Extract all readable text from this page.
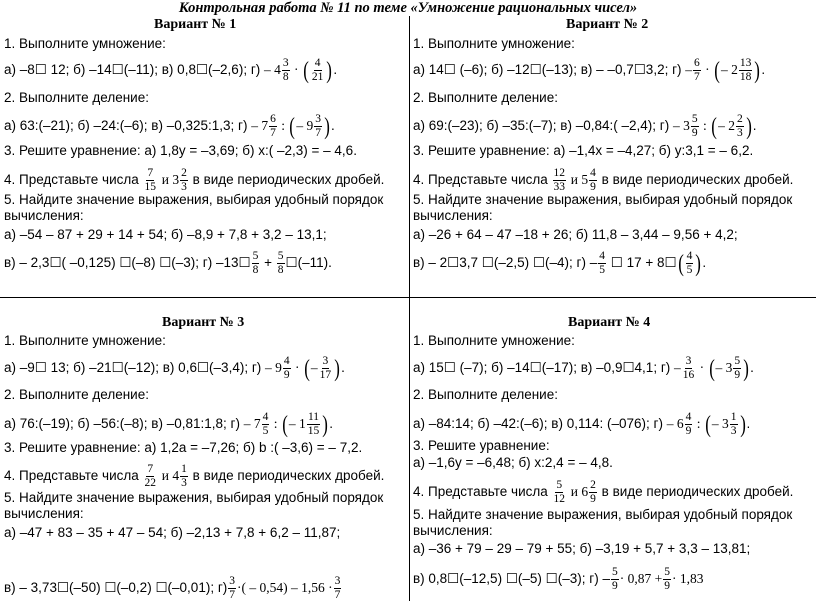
Контрольная работа № 11 по теме «Умножение рациональных чисел»
Вариант № 1
1. Выполните умножение:
а) –8☐ 12; б) –14☐(–11); в) 0,8☐(–2,6); $г) - 4 \frac{3}{8}$ · ( $\frac{4}{21}$ ).
2. Выполните деление:
а) 63:(–21); б) –24:(–6); в) –0,325:1,3; $г) - 7 \frac{6}{7}$ : (– $9 \frac{3}{7}$ ).
3. Решите уравнение: а) 1,8у = –3,69; б) х:( –2,3) = – 4,6.
4. Представьте числа $\frac{7}{15}$ и $3 \frac{2}{3}$ в виде периодических дробей.
5. Найдите значение выражения, выбирая удобный порядок
вычисления:
а) –54 – 87 + 29 + 14 + 54; б) –8,9 + 7,8 + 3,2 – 13,1;
в) – 2,3☐( –0,125) ☐(–8) ☐(–3); г) –13☐ $\frac{5}{8} + \frac{5}{8}$ ☐(–11).
Вариант № 2
1. Выполните умножение:
а) 14☐ (–6); б) –12☐(–13); в) – –0,7☐3,2; $г) - \frac{6}{7}$ · (– $2 \frac{13}{18}$ ).
2. Выполните деление:
а) 69:(–23); б) –35:(–7); в) –0,84:( –2,4); $г) - 3 \frac{5}{9}$ : (– $2 \frac{2}{3}$ ).
3. Решите уравнение: а) –1,4х = –4,27; б) у:3,1 = – 6,2.
4. Представьте числа $\frac{12}{33}$ и $5 \frac{4}{9}$ в виде периодических дробей.
5. Найдите значение выражения, выбирая удобный порядок
вычисления:
а) –26 + 64 – 47 –18 + 26; б) 11,8 – 3,44 – 9,56 + 4,2;
в) – 2☐3,7 ☐(–2,5) ☐(–4); $г) - \frac{4}{5}$ ☐ 17 + 8☐( $\frac{4}{5}$ ).
Вариант № 3
1. Выполните умножение:
а) –9☐ 13; б) –21☐(–12); в) 0,6☐(–3,4); $г) - 9 \frac{4}{9}$ · (– $\frac{3}{17}$ ).
2. Выполните деление:
а) 76:(–19); б) –56:(–8); в) –0,81:1,8; $г) - 7 \frac{4}{5}$ : (– $1 \frac{11}{15}$ ).
3. Решите уравнение: а) 1,2а = –7,26; б) b :( –3,6) = – 7,2.
4. Представьте числа $\frac{7}{22}$ и $4 \frac{1}{3}$ в виде периодических дробей.
5. Найдите значение выражения, выбирая удобный порядок
вычисления:
а) –47 + 83 – 35 + 47 – 54; б) –2,13 + 7,8 + 6,2 – 11,87;
в) – 3,73☐(–50) ☐(–0,2) ☐(–0,01); $г) \frac{3}{7}$ ·( – $0,54) - 1,56 \cdot \frac{3}{7}$
Вариант № 4
1. Выполните умножение:
а) 15☐ (–7); б) –14☐(–17); в) –0,9☐4,1; $г) - \frac{3}{16}$ · (– $3 \frac{5}{9}$ ).
2. Выполните деление:
а) –84:14; б) –42:(–6); в) 0,114: (–076); $г) - 6 \frac{4}{9}$ : (– $3 \frac{1}{3}$ ).
3. Решите уравнение:
а) –1,6у = –6,48; б) х:2,4 = – 4,8.
4. Представьте числа $\frac{5}{12}$ и $6 \frac{2}{9}$ в виде периодических дробей.
5. Найдите значение выражения, выбирая удобный порядок
вычисления:
а) –36 + 79 – 29 – 79 + 55; б) –3,19 + 5,7 + 3,3 – 13,81;
в) 0,8☐(–12,5) ☐(–5) ☐(–3); $г) - \frac{5}{9} \cdot 0,87 + \frac{5}{9} \cdot 1,83$
